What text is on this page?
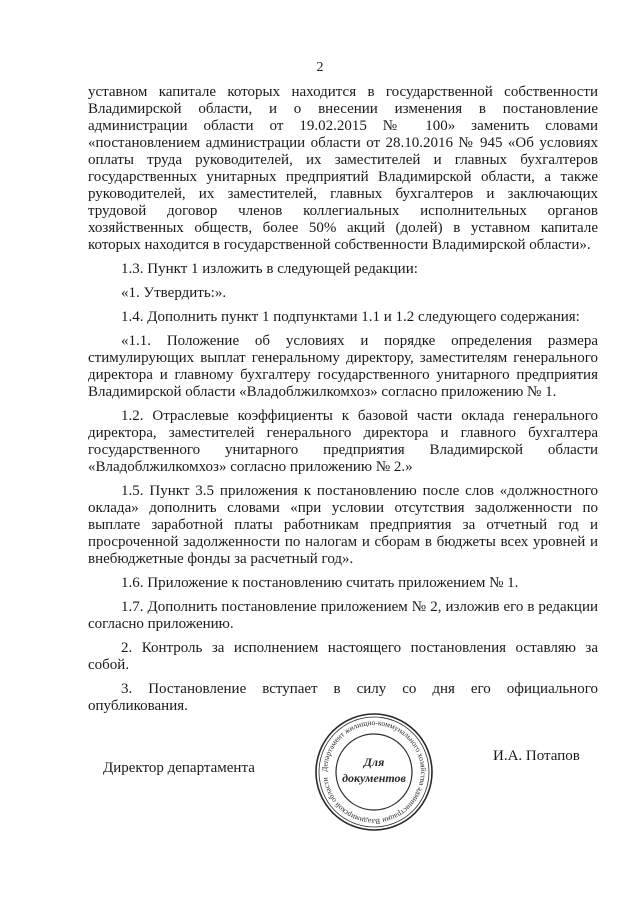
2

уставном капитале которых находится в государственной собственности Владимирской области, и о внесении изменения в постановление администрации области от 19.02.2015 № 100» заменить словами «постановлением администрации области от 28.10.2016 № 945 «Об условиях оплаты труда руководителей, их заместителей и главных бухгалтеров государственных унитарных предприятий Владимирской области, а также руководителей, их заместителей, главных бухгалтеров и заключающих трудовой договор членов коллегиальных исполнительных органов хозяйственных обществ, более 50% акций (долей) в уставном капитале которых находится в государственной собственности Владимирской области».

1.3. Пункт 1 изложить в следующей редакции:

«1. Утвердить:».

1.4. Дополнить пункт 1 подпунктами 1.1 и 1.2 следующего содержания:

«1.1. Положение об условиях и порядке определения размера стимулирующих выплат генеральному директору, заместителям генерального директора и главному бухгалтеру государственного унитарного предприятия Владимирской области «Владоблжилкомхоз» согласно приложению № 1.

1.2. Отраслевые коэффициенты к базовой части оклада генерального директора, заместителей генерального директора и главного бухгалтера государственного унитарного предприятия Владимирской области «Владоблжилкомхоз» согласно приложению № 2.»

1.5. Пункт 3.5 приложения к постановлению после слов «должностного оклада» дополнить словами «при условии отсутствия задолженности по выплате заработной платы работникам предприятия за отчетный год и просроченной задолженности по налогам и сборам в бюджеты всех уровней и внебюджетные фонды за расчетный год».

1.6. Приложение к постановлению считать приложением № 1.

1.7. Дополнить постановление приложением № 2, изложив его в редакции согласно приложению.

2. Контроль за исполнением настоящего постановления оставляю за собой.

3. Постановление вступает в силу со дня его официального опубликования.

Директор департамента	Департамент жилищно-коммунального хозяйства администрации Владимирской области
Для
документов
И.А. Потапов
